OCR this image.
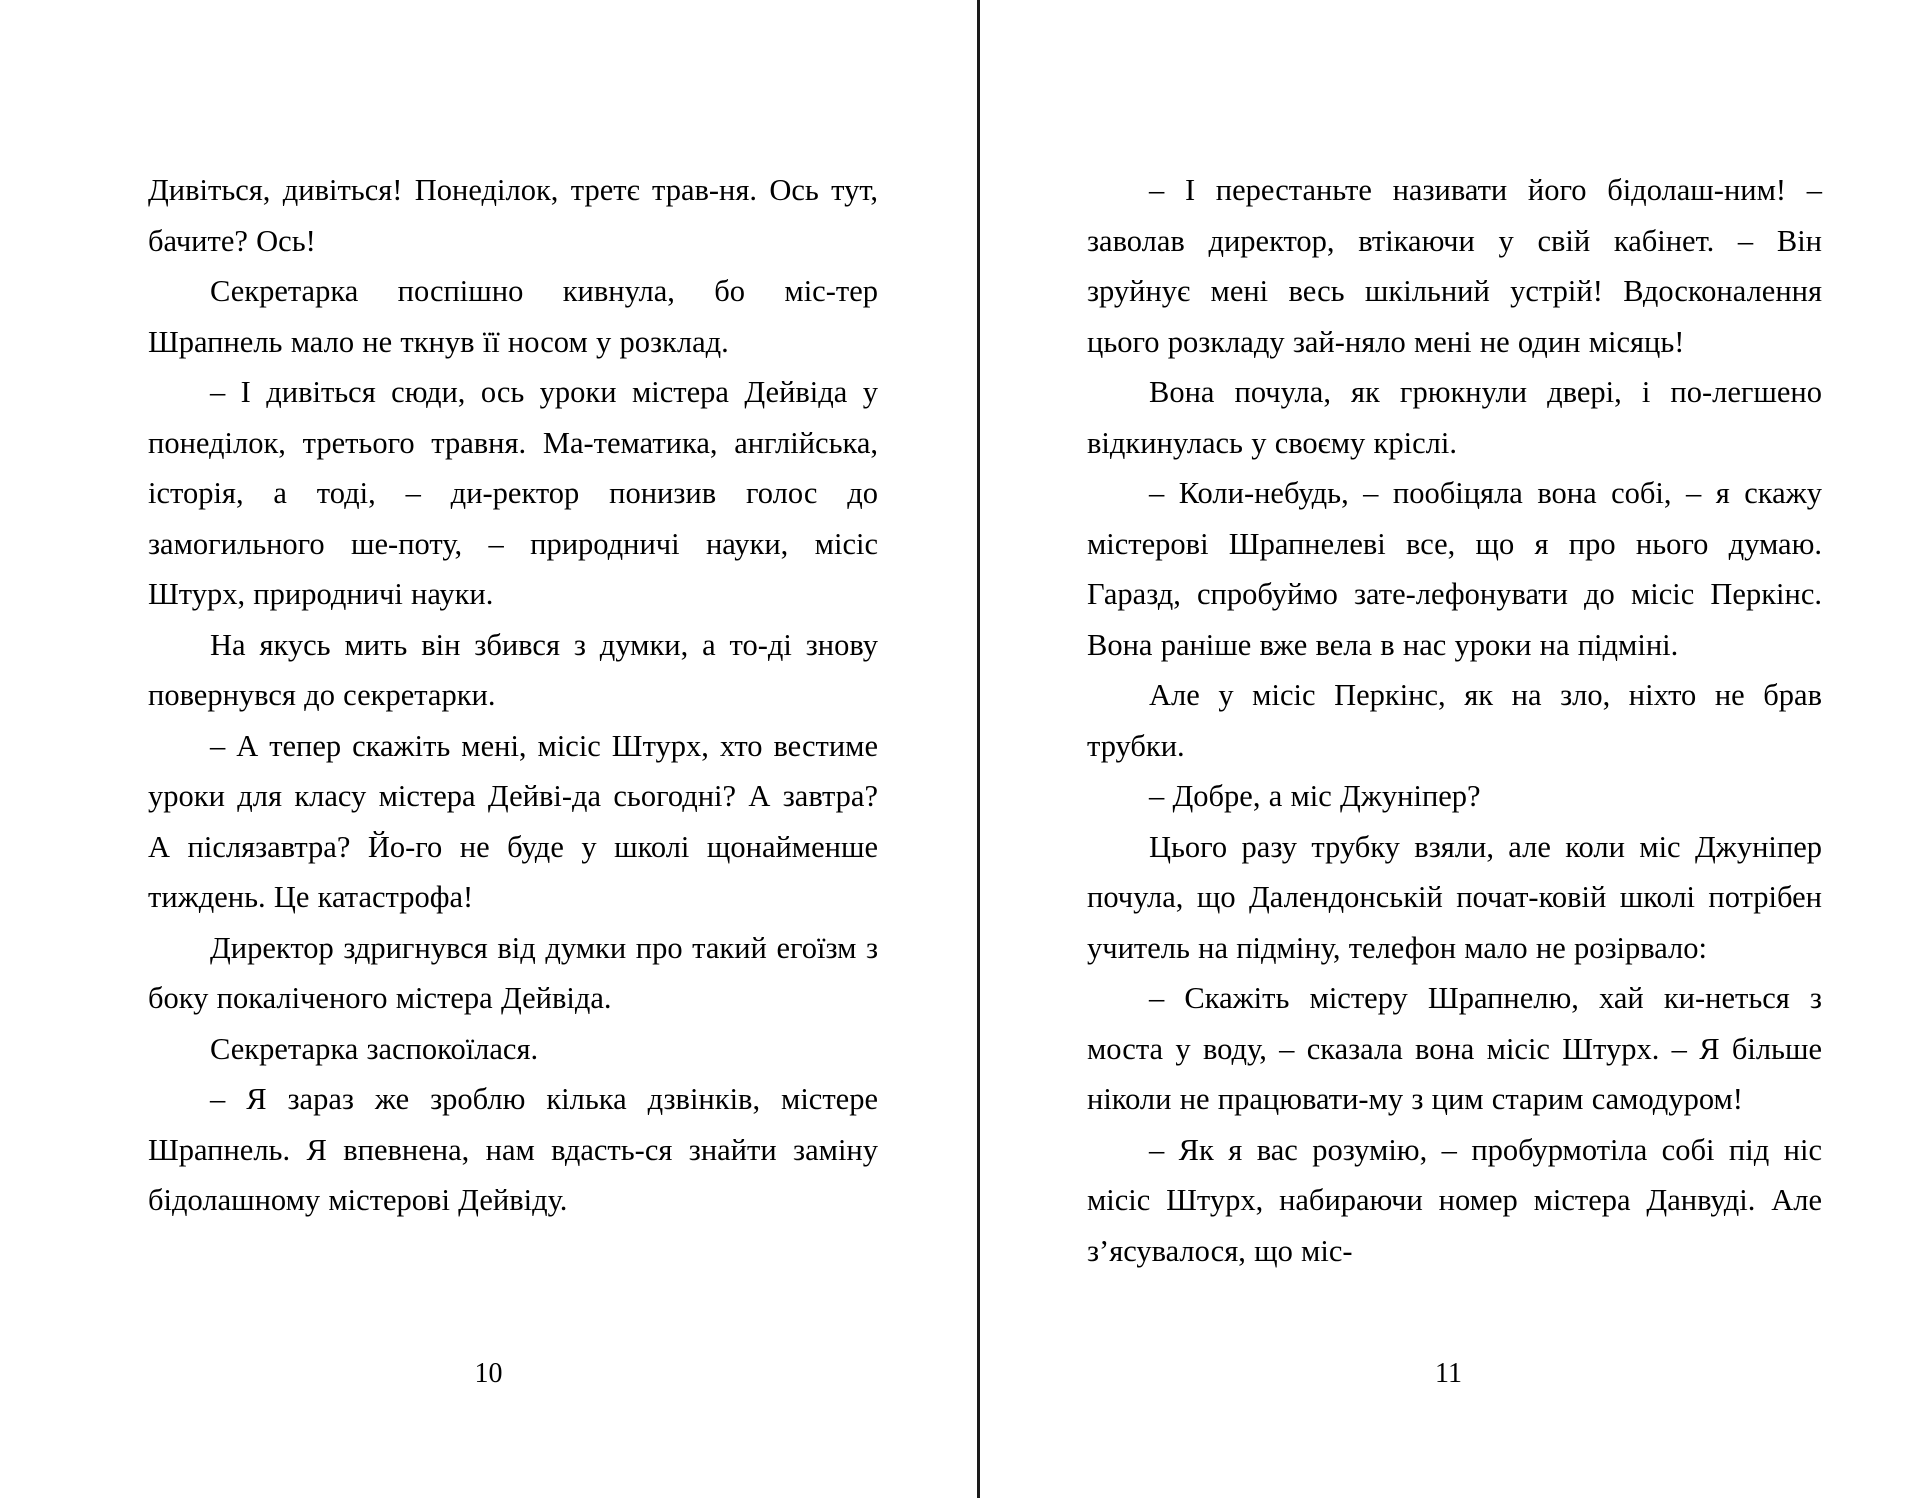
Дивіться, дивіться! Понеділок, третє трав-ня. Ось тут, бачите? Ось!

Секретарка поспішно кивнула, бо міс-тер Шрапнель мало не ткнув її носом у розклад.

– І дивіться сюди, ось уроки містера Дейвіда у понеділок, третього травня. Ма-тематика, англійська, історія, а тоді, – ди-ректор понизив голос до замогильного ше-поту, – природничі науки, місіс Штурх, природничі науки.

На якусь мить він збився з думки, а то-ді знову повернувся до секретарки.

– А тепер скажіть мені, місіс Штурх, хто вестиме уроки для класу містера Дейві-да сьогодні? А завтра? А післязавтра? Йо-го не буде у школі щонайменше тиждень. Це катастрофа!

Директор здригнувся від думки про такий егоїзм з боку покаліченого містера Дейвіда.

Секретарка заспокоїлася.

– Я зараз же зроблю кілька дзвінків, містере Шрапнель. Я впевнена, нам вдасть-ся знайти заміну бідолашному містерові Дейвіду.

10

– І перестаньте називати його бідолаш-ним! – заволав директор, втікаючи у свій кабінет. – Він зруйнує мені весь шкільний устрій! Вдосконалення цього розкладу зай-няло мені не один місяць!

Вона почула, як грюкнули двері, і по-легшено відкинулась у своєму кріслі.

– Коли-небудь, – пообіцяла вона собі, – я скажу містерові Шрапнелеві все, що я про нього думаю. Гаразд, спробуймо зате-лефонувати до місіс Перкінс. Вона раніше вже вела в нас уроки на підміні.

Але у місіс Перкінс, як на зло, ніхто не брав трубки.

– Добре, а міс Джуніпер?

Цього разу трубку взяли, але коли міс Джуніпер почула, що Далендонській почат-ковій школі потрібен учитель на підміну, телефон мало не розірвало:

– Скажіть містеру Шрапнелю, хай ки-неться з моста у воду, – сказала вона місіс Штурх. – Я більше ніколи не працювати-му з цим старим самодуром!

– Як я вас розумію, – пробурмотіла собі під ніс місіс Штурх, набираючи номер містера Данвуді. Але з’ясувалося, що міс-

11
